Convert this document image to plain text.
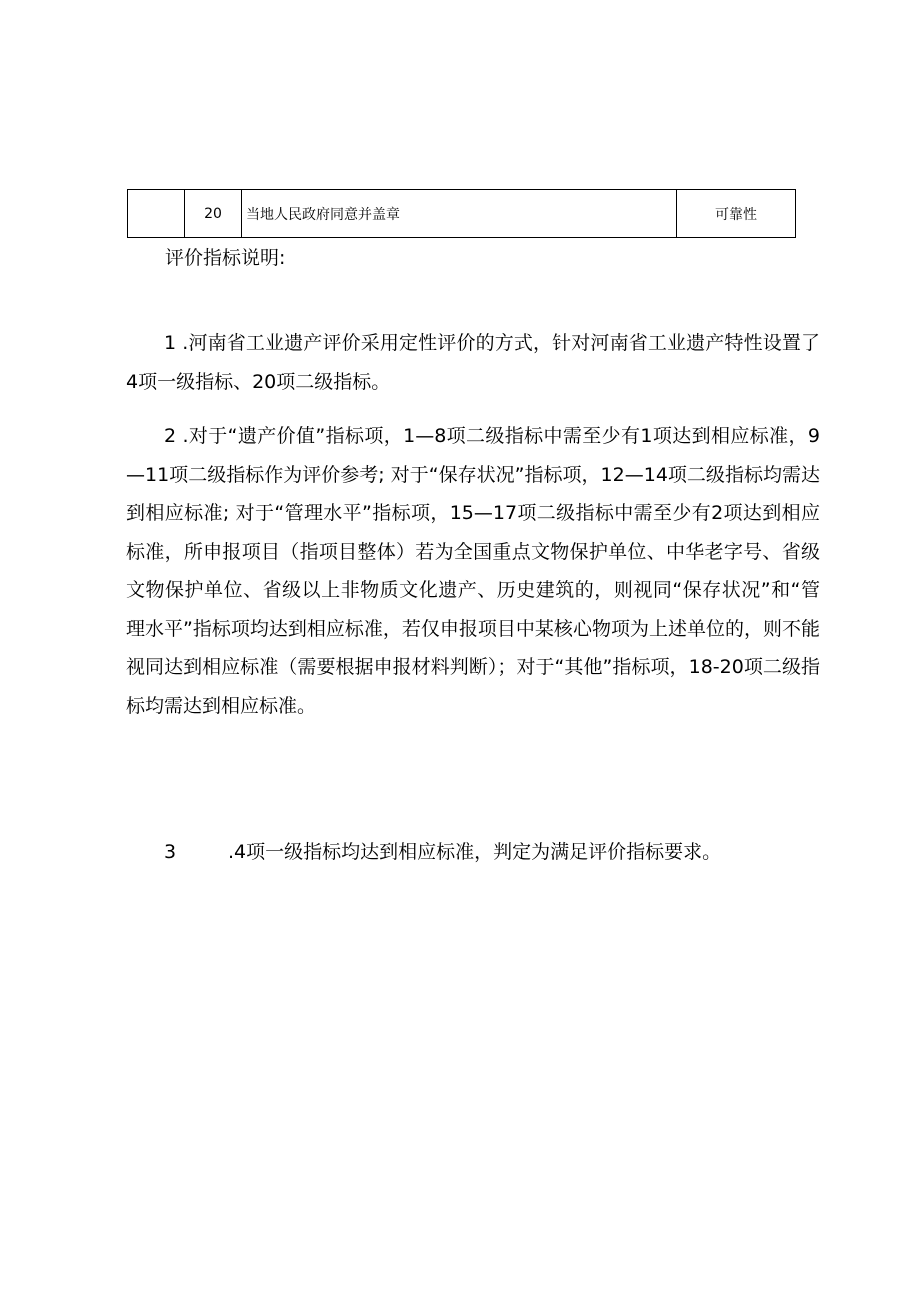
	20	当地人民政府同意并盖章	可靠性
评价指标说明:
1 .河南省工业遗产评价采用定性评价的方式，针对河南省工业遗产特性设置了4项一级指标、20项二级指标。
2 .对于“遗产价值”指标项，1—8项二级指标中需至少有1项达到相应标准，9—11项二级指标作为评价参考; 对于“保存状况”指标项，12—14项二级指标均需达到相应标准; 对于“管理水平”指标项，15—17项二级指标中需至少有2项达到相应标准，所申报项目（指项目整体）若为全国重点文物保护单位、中华老字号、省级文物保护单位、省级以上非物质文化遗产、历史建筑的，则视同“保存状况”和“管理水平”指标项均达到相应标准，若仅申报项目中某核心物项为上述单位的，则不能视同达到相应标准（需要根据申报材料判断）；对于“其他”指标项，18-20项二级指标均需达到相应标准。
3	.4项一级指标均达到相应标准，判定为满足评价指标要求。
